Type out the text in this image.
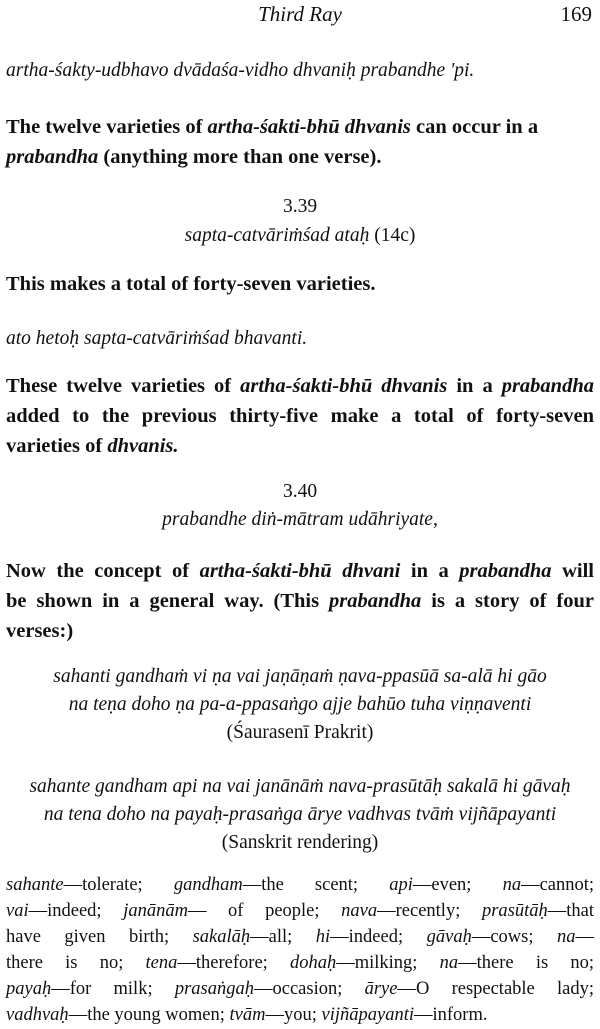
Third Ray	169
artha-śakty-udbhavo dvādaśa-vidho dhvaniḥ prabandhe 'pi.
The twelve varieties of artha-śakti-bhū dhvanis can occur in a
prabandha (anything more than one verse).
3.39
sapta-catvāriṁśad ataḥ (14c)
This makes a total of forty-seven varieties.
ato hetoḥ sapta-catvāriṁśad bhavanti.
These twelve varieties of artha-śakti-bhū dhvanis in a prabandha
added to the previous thirty-five make a total of forty-seven
varieties of dhvanis.
3.40
prabandhe diṅ-mātram udāhriyate,
Now the concept of artha-śakti-bhū dhvani in a prabandha will
be shown in a general way. (This prabandha is a story of four
verses:)
sahanti gandhaṁ vi ṇa vai jaṇāṇaṁ ṇava-ppasūā sa-alā hi gāo
na teṇa doho ṇa pa-a-ppasaṅgo ajje bahūo tuha viṇṇaventi
(Śaurasenī Prakrit)
sahante gandham api na vai janānāṁ nava-prasūtāḥ sakalā hi gāvaḥ
na tena doho na payaḥ-prasaṅga ārye vadhvas tvāṁ vijñāpayanti
(Sanskrit rendering)
sahante—tolerate; gandham—the scent; api—even; na—cannot;
vai—indeed; janānām— of people; nava—recently; prasūtāḥ—that
have given birth; sakalāḥ—all; hi—indeed; gāvaḥ—cows; na—
there is no; tena—therefore; dohaḥ—milking; na—there is no;
payaḥ—for milk; prasaṅgaḥ—occasion; ārye—O respectable lady;
vadhvaḥ—the young women; tvām—you; vijñāpayanti—inform.
